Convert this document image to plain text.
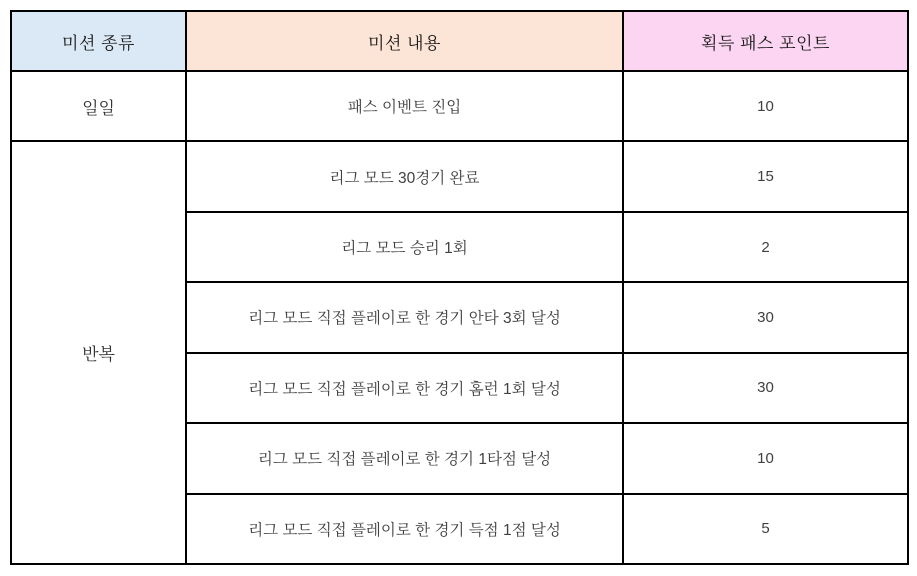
미션 종류	미션 내용	획득 패스 포인트
일일	패스 이벤트 진입	10
반복	리그 모드 30경기 완료	15
	리그 모드 승리 1회	2
	리그 모드 직접 플레이로 한 경기 안타 3회 달성	30
	리그 모드 직접 플레이로 한 경기 홈런 1회 달성	30
	리그 모드 직접 플레이로 한 경기 1타점 달성	10
	리그 모드 직접 플레이로 한 경기 득점 1점 달성	5
